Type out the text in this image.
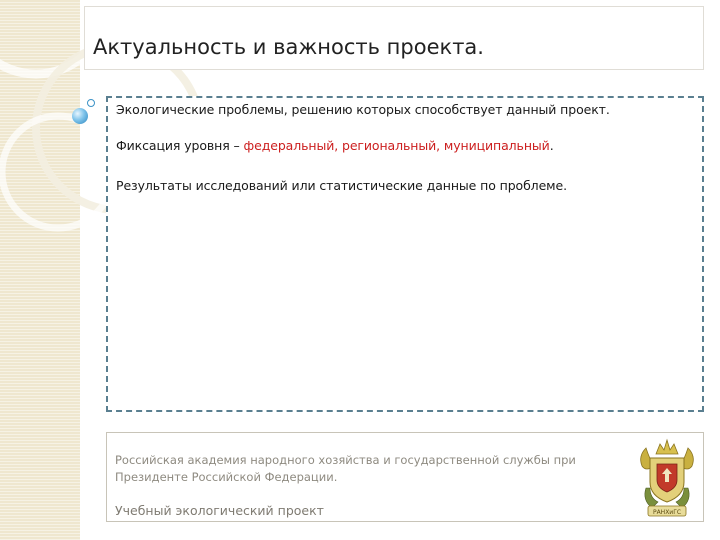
Актуальность и важность проекта.
Экологические проблемы, решению которых способствует данный проект.
Фиксация уровня – федеральный, региональный, муниципальный.
Результаты исследований или статистические данные по проблеме.
Российская академия народного хозяйства и государственной службы при
Президенте Российской Федерации.
Учебный экологический проект	РАНХиГС
